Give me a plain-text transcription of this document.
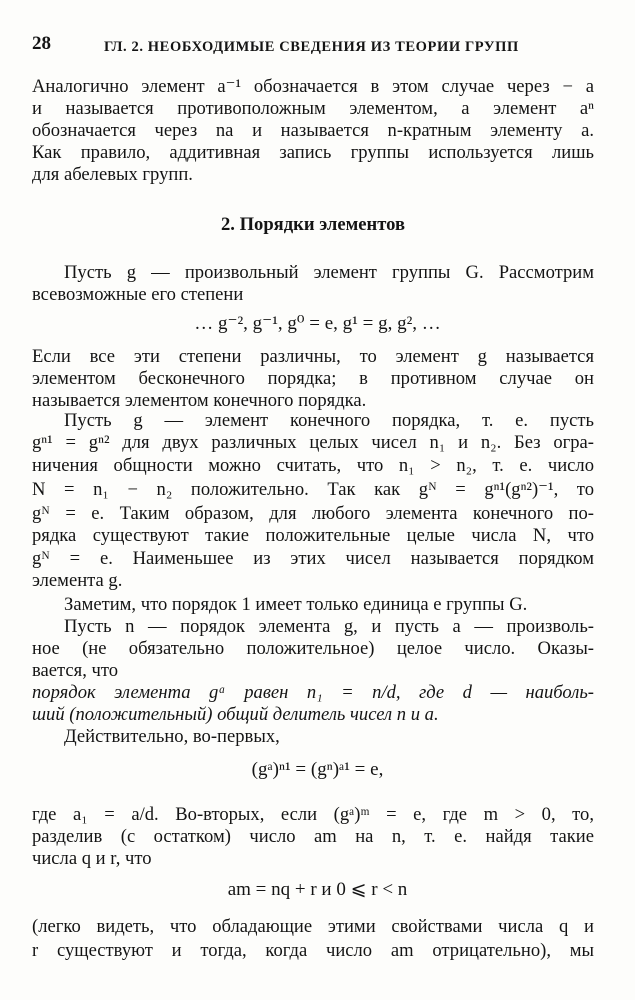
28	ГЛ. 2. НЕОБХОДИМЫЕ СВЕДЕНИЯ ИЗ ТЕОРИИ ГРУПП
Аналогично элемент a⁻¹ обозначается в этом случае через − a
и называется противоположным элементом, а элемент aⁿ
обозначается через na и называется n-кратным элементу a.
Как правило, аддитивная запись группы используется лишь
для абелевых групп.
2. Порядки элементов
Пусть g — произвольный элемент группы G. Рассмотрим
всевозможные его степени
… g⁻², g⁻¹, g⁰ = e, g¹ = g, g², …
Если все эти степени различны, то элемент g называется
элементом бесконечного порядка; в противном случае он
называется элементом конечного порядка.
Пусть g — элемент конечного порядка, т. е. пусть
gⁿ¹ = gⁿ² для двух различных целых чисел n₁ и n₂. Без огра-
ничения общности можно считать, что n₁ > n₂, т. е. число
N = n₁ − n₂ положительно. Так как gᴺ = gⁿ¹(gⁿ²)⁻¹, то
gᴺ = e. Таким образом, для любого элемента конечного по-
рядка существуют такие положительные целые числа N, что
gᴺ = e. Наименьшее из этих чисел называется порядком
элемента g.
Заметим, что порядок 1 имеет только единица e группы G.
Пусть n — порядок элемента g, и пусть a — произволь-
ное (не обязательно положительное) целое число. Оказы-
вается, что
порядок элемента gᵃ равен n₁ = n/d, где d — наиболь-
ший (положительный) общий делитель чисел n и a.
Действительно, во-первых,
(gᵃ)ⁿ¹ = (gⁿ)ᵃ¹ = e,
где a₁ = a/d. Во-вторых, если (gᵃ)ᵐ = e, где m > 0, то,
разделив (с остатком) число am на n, т. е. найдя такие
числа q и r, что
am = nq + r и 0 ⩽ r < n
(легко видеть, что обладающие этими свойствами числа q и
r существуют и тогда, когда число am отрицательно), мы
